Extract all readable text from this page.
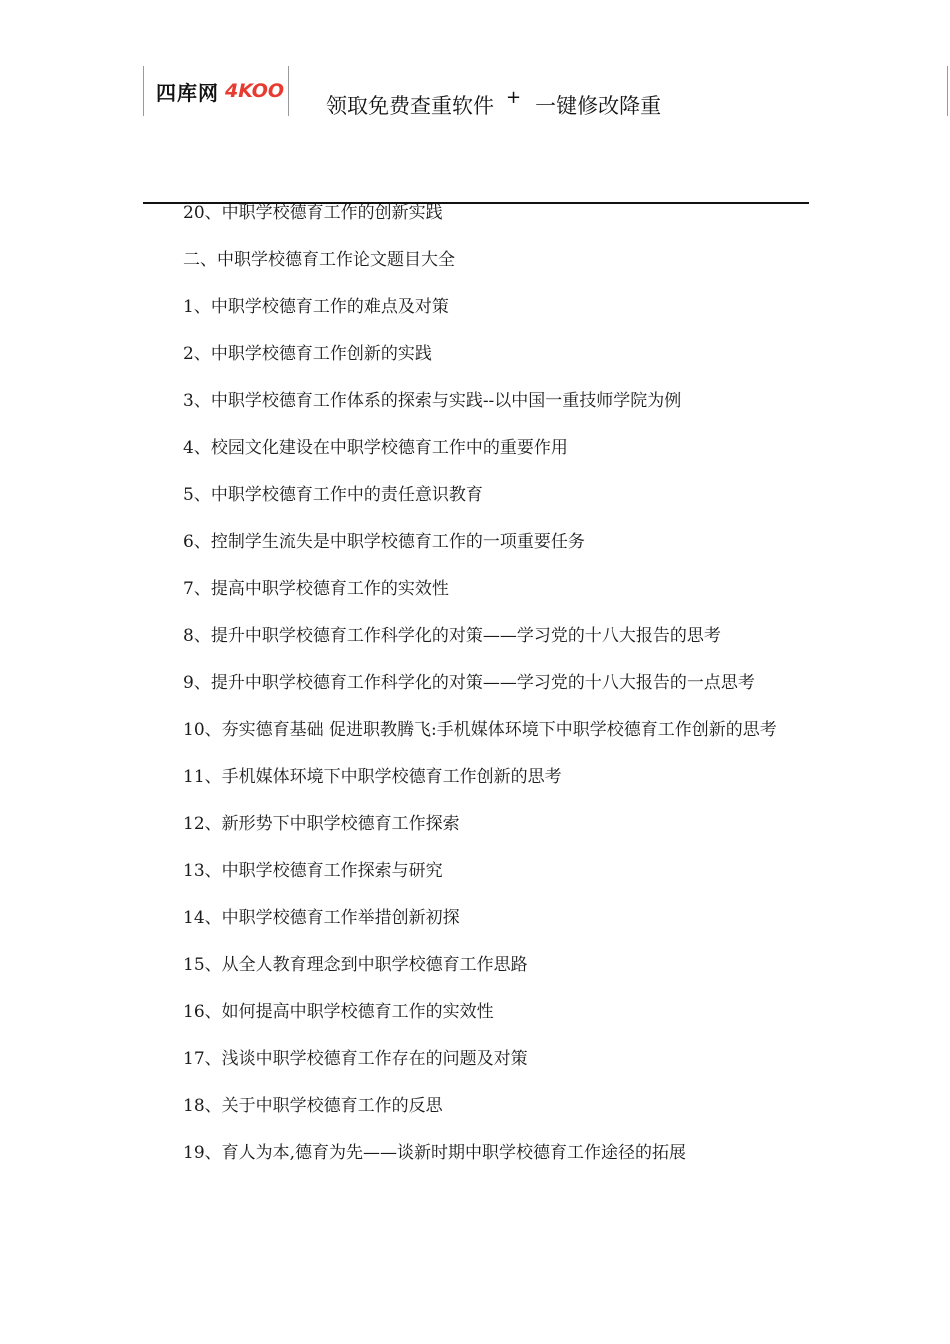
四库网 4KOO
领取免费查重软件 + 一键修改降重

20、中职学校德育工作的创新实践

二、中职学校德育工作论文题目大全

1、中职学校德育工作的难点及对策

2、中职学校德育工作创新的实践

3、中职学校德育工作体系的探索与实践--以中国一重技师学院为例

4、校园文化建设在中职学校德育工作中的重要作用

5、中职学校德育工作中的责任意识教育

6、控制学生流失是中职学校德育工作的一项重要任务

7、提高中职学校德育工作的实效性

8、提升中职学校德育工作科学化的对策——学习党的十八大报告的思考

9、提升中职学校德育工作科学化的对策——学习党的十八大报告的一点思考

10、夯实德育基础 促进职教腾飞:手机媒体环境下中职学校德育工作创新的思考

11、手机媒体环境下中职学校德育工作创新的思考

12、新形势下中职学校德育工作探索

13、中职学校德育工作探索与研究

14、中职学校德育工作举措创新初探

15、从全人教育理念到中职学校德育工作思路

16、如何提高中职学校德育工作的实效性

17、浅谈中职学校德育工作存在的问题及对策

18、关于中职学校德育工作的反思

19、育人为本,德育为先——谈新时期中职学校德育工作途径的拓展
